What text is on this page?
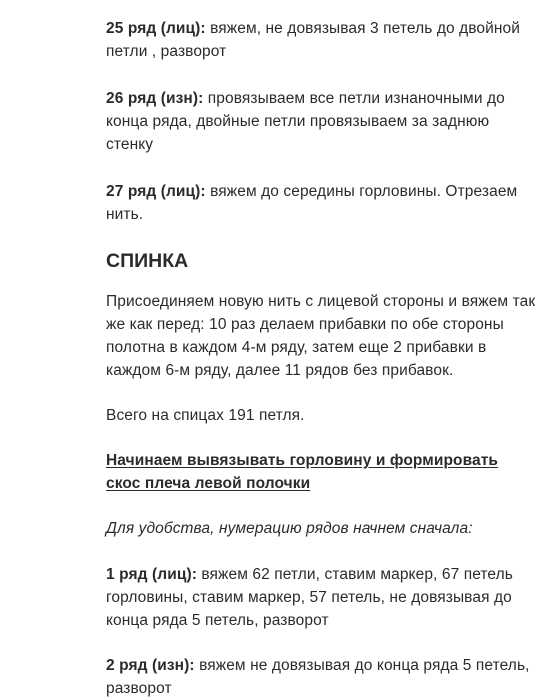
25 ряд (лиц): вяжем, не довязывая 3 петель до двойной петли , разворот

26 ряд (изн): провязываем все петли изнаночными до конца ряда, двойные петли провязываем за заднюю стенку

27 ряд (лиц): вяжем до середины горловины. Отрезаем нить.

СПИНКА

Присоединяем новую нить с лицевой стороны и вяжем так же как перед: 10 раз делаем прибавки по обе стороны полотна в каждом 4-м ряду, затем еще 2 прибавки в каждом 6-м ряду, далее 11 рядов без прибавок.

Всего на спицах 191 петля.

Начинаем вывязывать горловину и формировать скос плеча левой полочки

Для удобства, нумерацию рядов начнем сначала:

1 ряд (лиц): вяжем 62 петли, ставим маркер, 67 петель горловины, ставим маркер, 57 петель, не довязывая до конца ряда 5 петель, разворот

2 ряд (изн): вяжем не довязывая до конца ряда 5 петель, разворот
